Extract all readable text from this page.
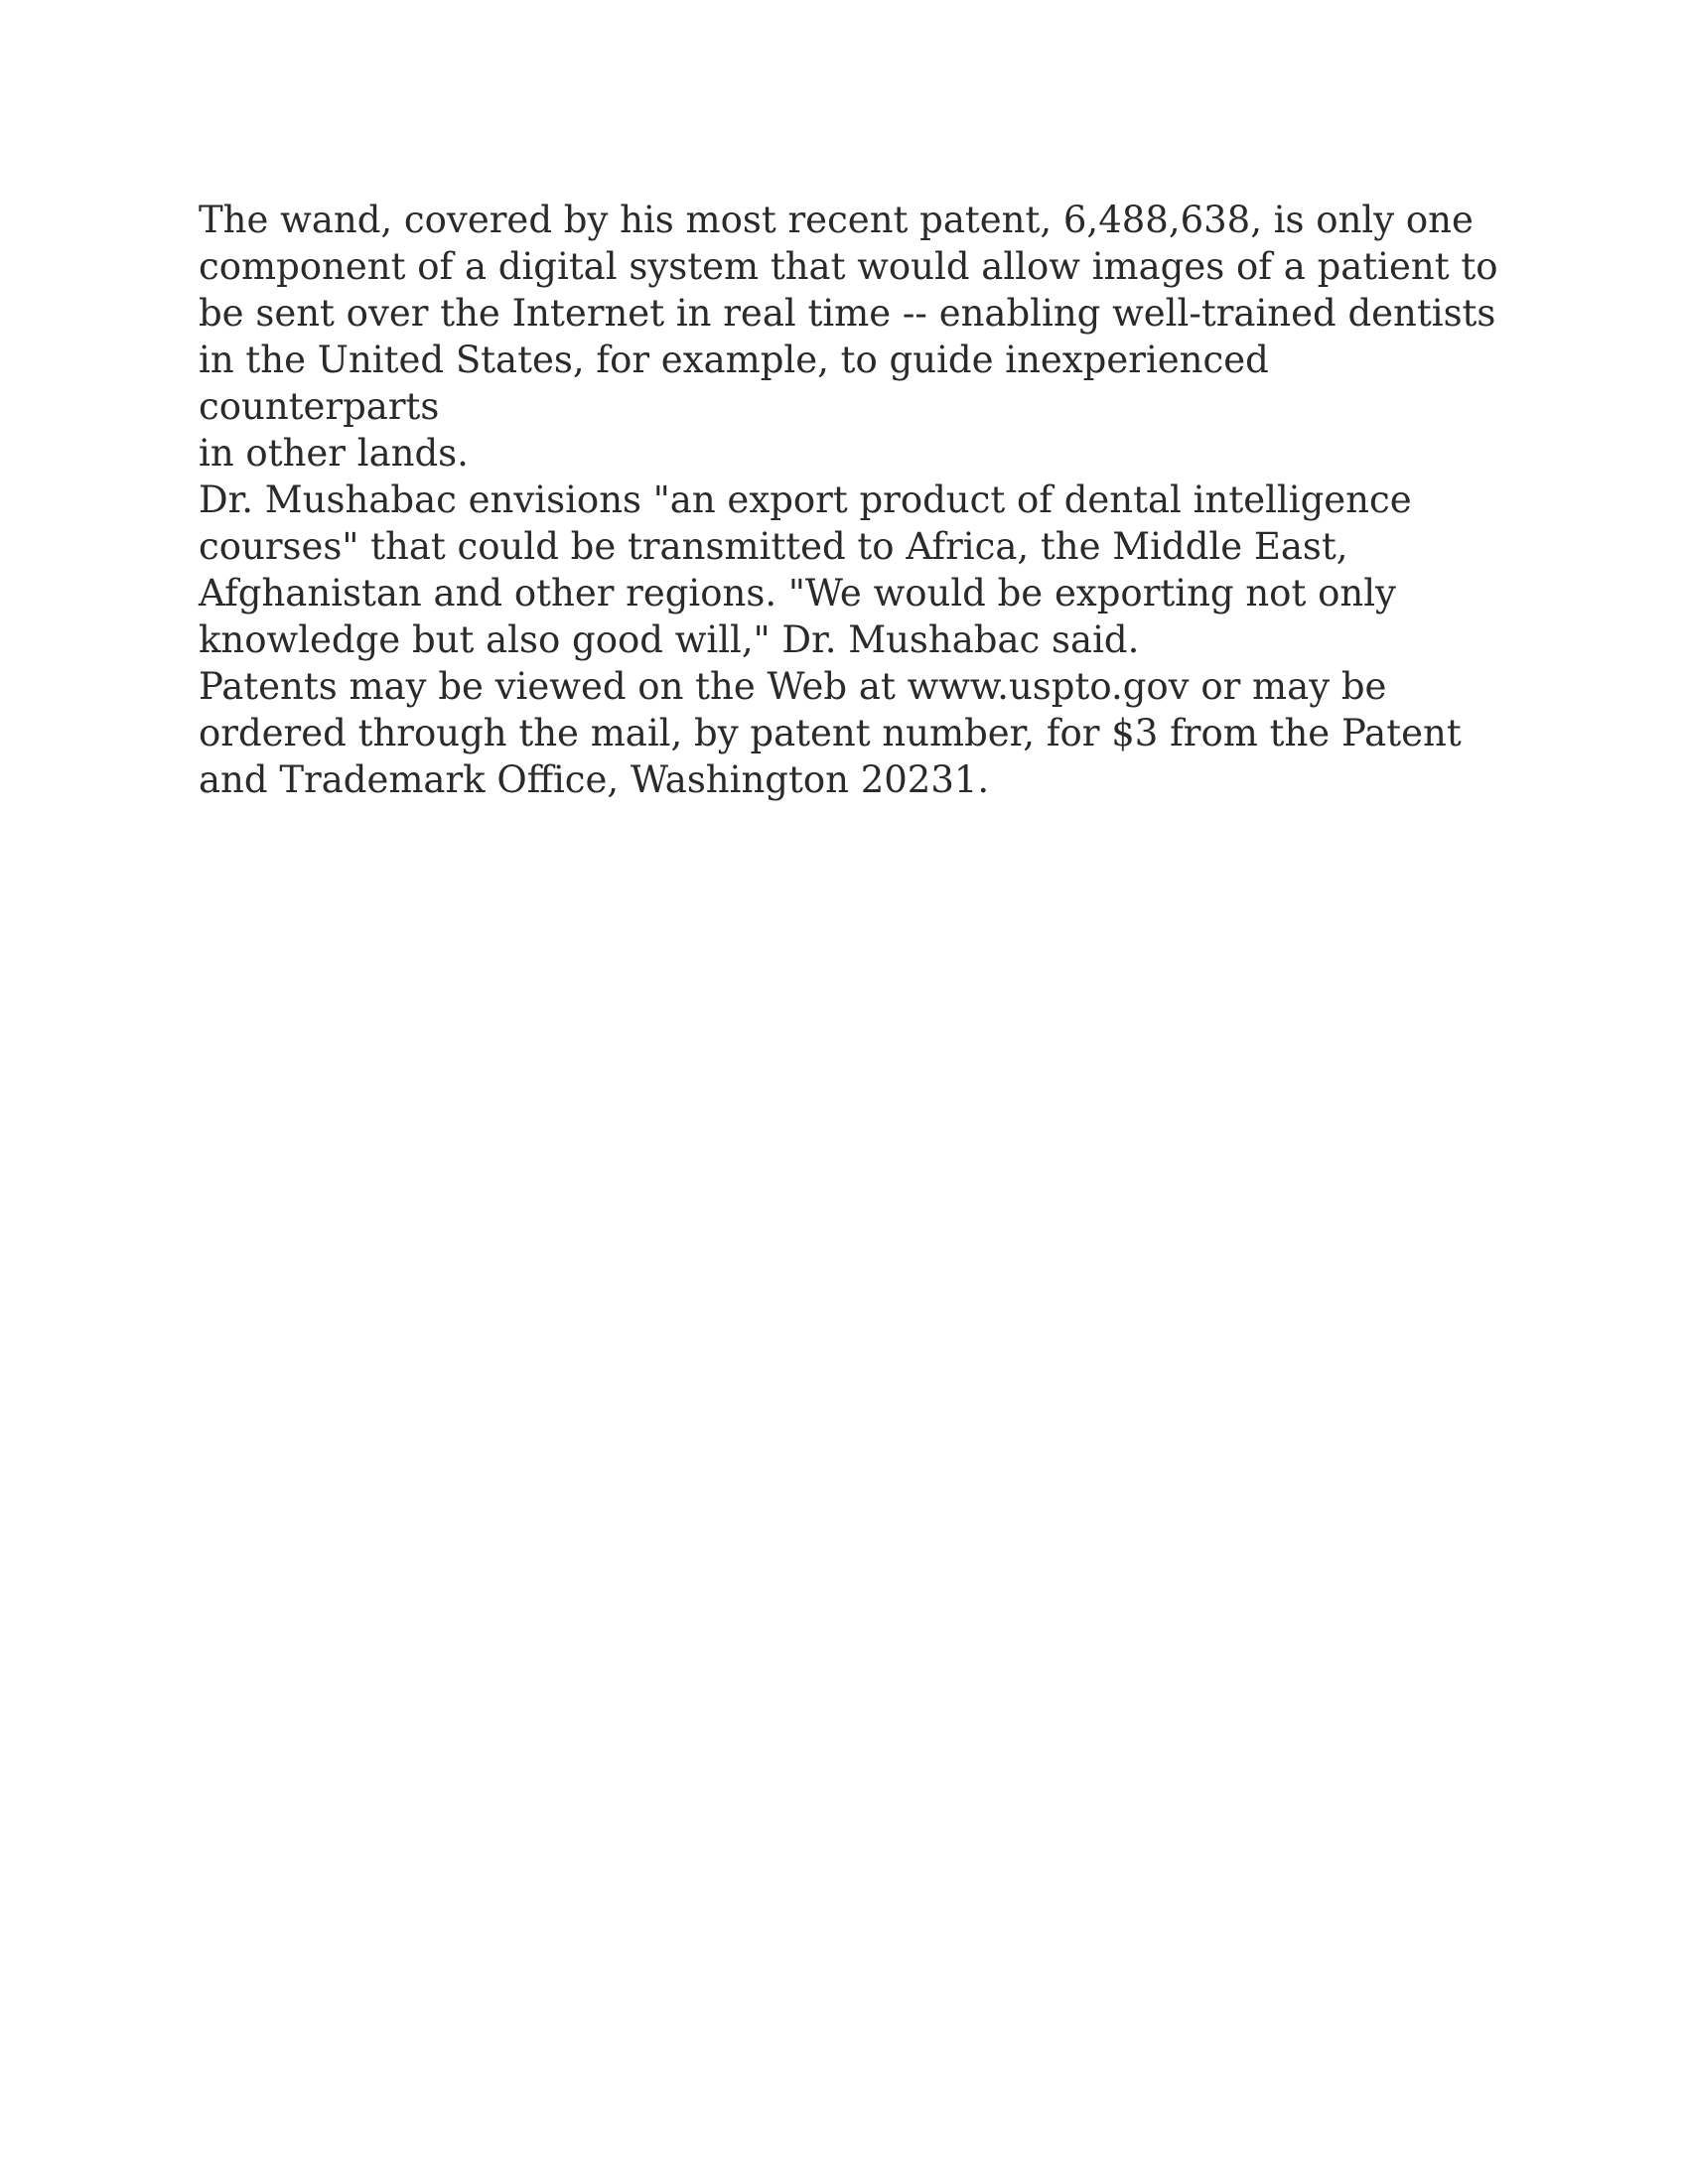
The wand, covered by his most recent patent, 6,488,638, is only one
component of a digital system that would allow images of a patient to
be sent over the Internet in real time -- enabling well-trained dentists
in the United States, for example, to guide inexperienced counterparts
in other lands.

Dr. Mushabac envisions "an export product of dental intelligence
courses" that could be transmitted to Africa, the Middle East,
Afghanistan and other regions. "We would be exporting not only
knowledge but also good will," Dr. Mushabac said.

Patents may be viewed on the Web at www.uspto.gov or may be
ordered through the mail, by patent number, for $3 from the Patent
and Trademark Office, Washington 20231.
